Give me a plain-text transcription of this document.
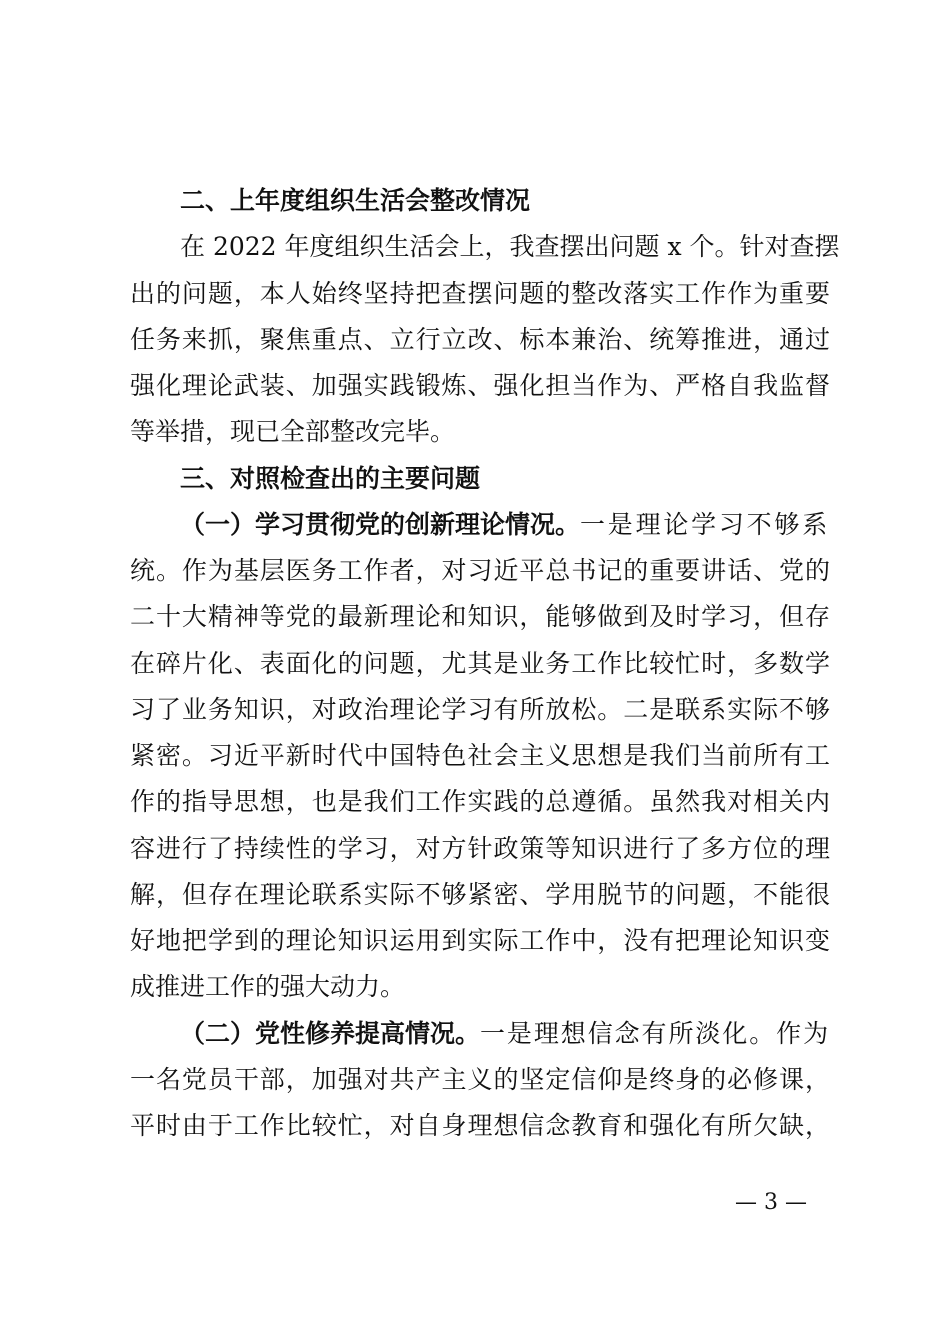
二、上年度组织生活会整改情况
在 2022 年度组织生活会上，我查摆出问题 x 个。针对查摆
出的问题，本人始终坚持把查摆问题的整改落实工作作为重要
任务来抓，聚焦重点、立行立改、标本兼治、统筹推进，通过
强化理论武装、加强实践锻炼、强化担当作为、严格自我监督
等举措，现已全部整改完毕。
三、对照检查出的主要问题
（一）学习贯彻党的创新理论情况。 一是理论学习不够系
统。作为基层医务工作者，对习近平总书记的重要讲话、党的
二十大精神等党的最新理论和知识，能够做到及时学习，但存
在碎片化、表面化的问题，尤其是业务工作比较忙时，多数学
习了业务知识，对政治理论学习有所放松。二是联系实际不够
紧密。习近平新时代中国特色社会主义思想是我们当前所有工
作的指导思想，也是我们工作实践的总遵循。虽然我对相关内
容进行了持续性的学习，对方针政策等知识进行了多方位的理
解，但存在理论联系实际不够紧密、学用脱节的问题，不能很
好地把学到的理论知识运用到实际工作中，没有把理论知识变
成推进工作的强大动力。
（二）党性修养提高情况。 一是理想信念有所淡化。作为
一名党员干部，加强对共产主义的坚定信仰是终身的必修课，
平时由于工作比较忙，对自身理想信念教育和强化有所欠缺，
— 3 —
